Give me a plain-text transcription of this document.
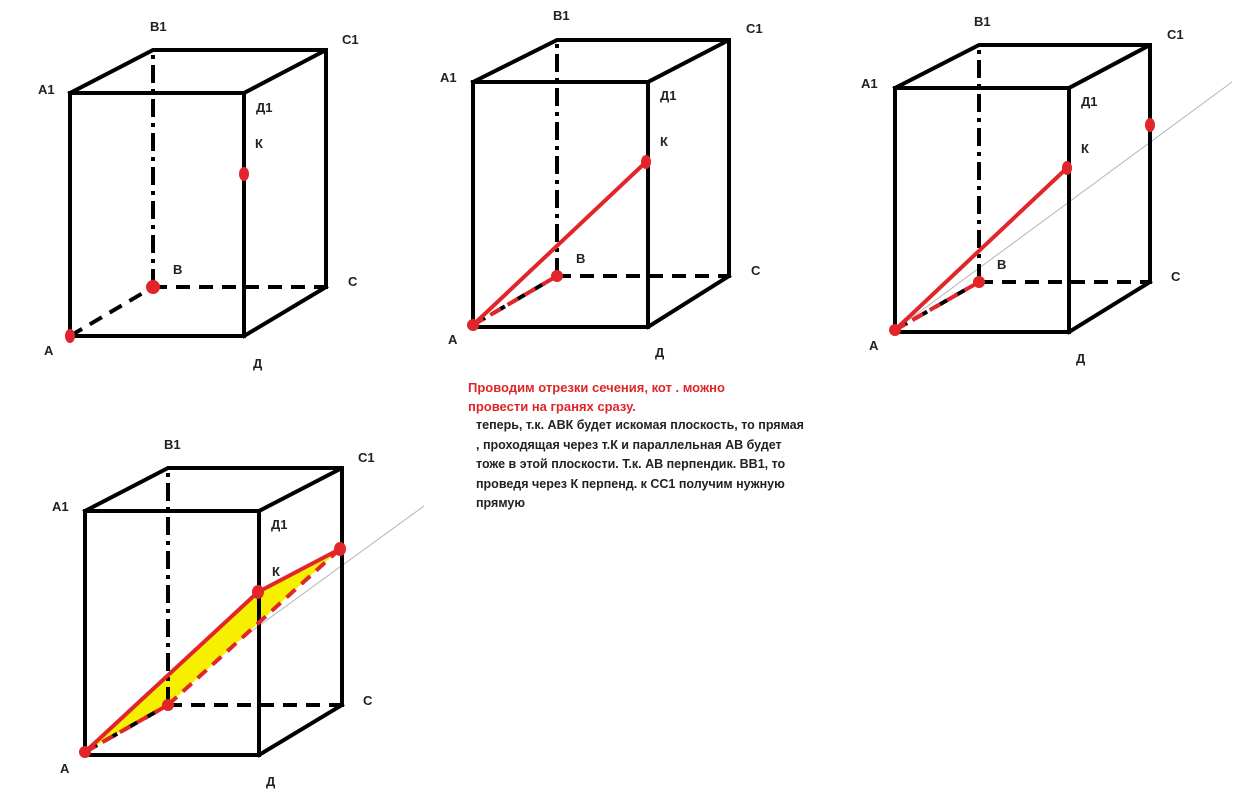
В1
С1
А1
Д1
К
В
С
А
Д
В1
С1
А1
Д1
К
В
С
А
Д
В1
С1
А1
Д1
К
В
С
А
Д
В1
С1
А1
Д1
К
С
А
Д
Проводим отрезки сечения, кот . можно
провести на гранях сразу.
теперь, т.к. АВК будет искомая плоскость, то прямая
, проходящая через т.К и параллельная АВ будет
тоже в этой плоскости. Т.к. АВ перпендик. ВВ1, то
проведя через К перпенд. к СС1 получим нужную
прямую
